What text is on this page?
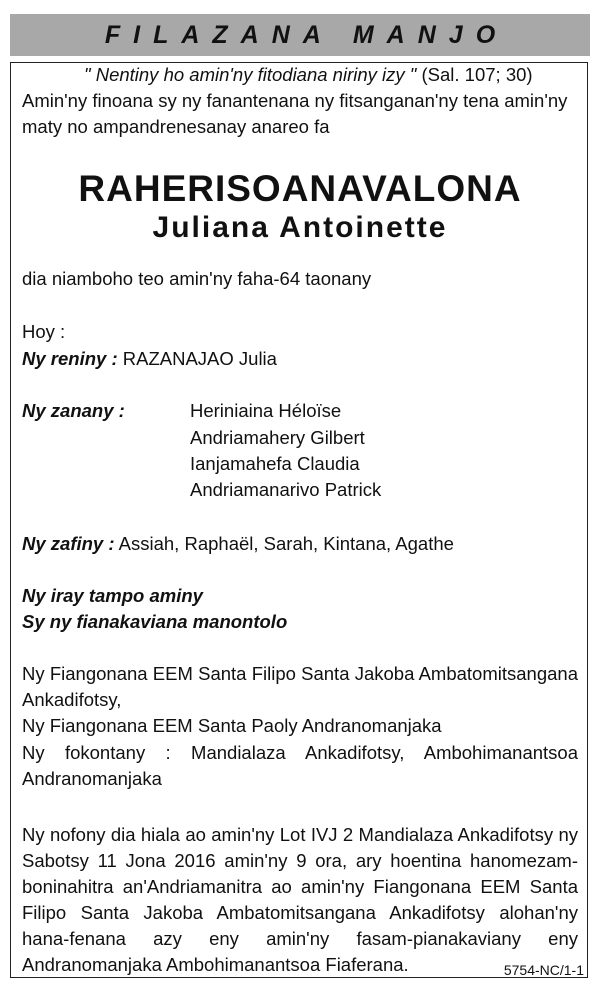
FILAZANA MANJO
" Nentiny ho amin'ny fitodiana niriny izy " (Sal. 107; 30)
Amin'ny finoana sy ny fanantenana ny fitsanganan'ny tena amin'ny
maty no ampandrenesanay anareo fa
RAHERISOANAVALONA
Juliana Antoinette
dia niamboho teo amin'ny faha-64 taonany
Hoy :
Ny reniny : RAZANAJAO Julia
Ny zanany :	Heriniaina Héloïse
Andriamahery Gilbert
Ianjamahefa Claudia
Andriamanarivo Patrick
Ny zafiny : Assiah, Raphaël, Sarah, Kintana, Agathe
Ny iray tampo aminy
Sy ny fianakaviana manontolo
Ny Fiangonana EEM Santa Filipo Santa Jakoba Ambatomitsangana Ankadifotsy,
Ny Fiangonana EEM Santa Paoly Andranomanjaka
Ny fokontany : Mandialaza Ankadifotsy, Ambohimanantsoa Andranomanjaka
Ny nofony dia hiala ao amin'ny Lot IVJ 2 Mandialaza Ankadifotsy ny Sabotsy 11 Jona 2016 amin'ny 9 ora, ary hoentina hanomezam-boninahitra an'Andriamanitra ao amin'ny Fiangonana EEM Santa Filipo Santa Jakoba Ambatomitsangana Ankadifotsy alohan'ny hana-fenana azy eny amin'ny fasam-pianakaviany eny Andranomanjaka Ambohimanantsoa Fiaferana.	5754-NC/1-1
